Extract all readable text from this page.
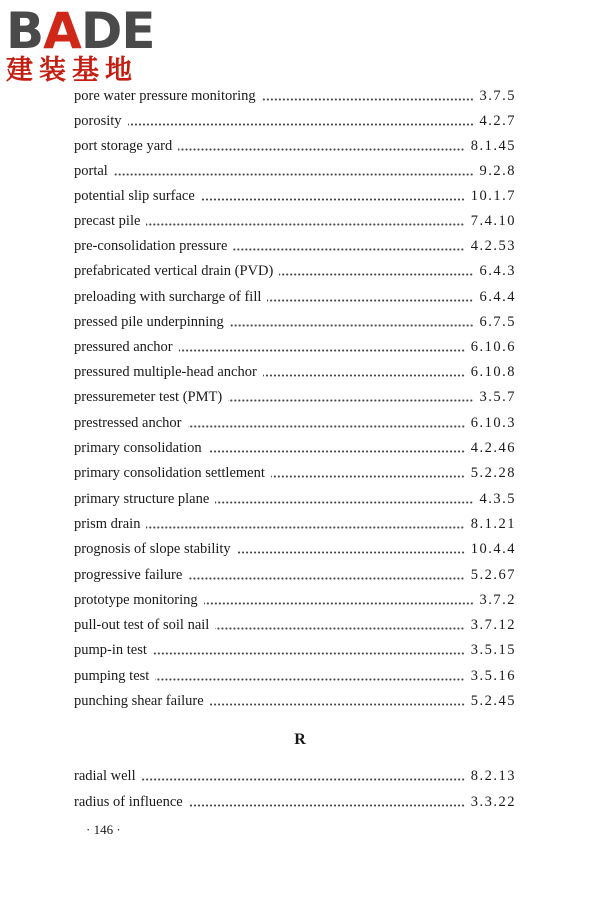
BADE
建装基地
pore water pressure monitoring	3.7.5
porosity	4.2.7
port storage yard	8.1.45
portal	9.2.8
potential slip surface	10.1.7
precast pile	7.4.10
pre-consolidation pressure	4.2.53
prefabricated vertical drain (PVD)	6.4.3
preloading with surcharge of fill	6.4.4
pressed pile underpinning	6.7.5
pressured anchor	6.10.6
pressured multiple-head anchor	6.10.8
pressuremeter test (PMT)	3.5.7
prestressed anchor	6.10.3
primary consolidation	4.2.46
primary consolidation settlement	5.2.28
primary structure plane	4.3.5
prism drain	8.1.21
prognosis of slope stability	10.4.4
progressive failure	5.2.67
prototype monitoring	3.7.2
pull-out test of soil nail	3.7.12
pump-in test	3.5.15
pumping test	3.5.16
punching shear failure	5.2.45
R
radial well	8.2.13
radius of influence	3.3.22
· 146 ·
